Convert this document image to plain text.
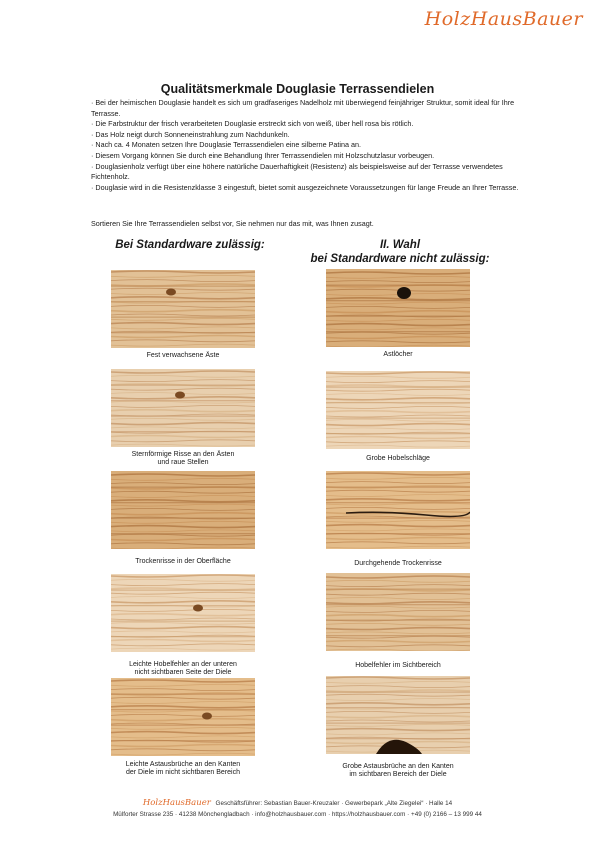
HolzHausBauer
Qualitätsmerkmale Douglasie Terrassendielen
· Bei der heimischen Douglasie handelt es sich um gradfaseriges Nadelholz mit überwiegend feinjähriger Struktur, somit ideal für Ihre Terrasse.
· Die Farbstruktur der frisch verarbeiteten Douglasie erstreckt sich von weiß, über hell rosa bis rötlich.
· Das Holz neigt durch Sonneneinstrahlung zum Nachdunkeln.
· Nach ca. 4 Monaten setzen Ihre Douglasie Terrassendielen eine silberne Patina an.
· Diesem Vorgang können Sie durch eine Behandlung Ihrer Terrassendielen mit Holzschutzlasur vorbeugen.
· Douglasienholz verfügt über eine höhere natürliche Dauerhaftigkeit (Resistenz) als beispielsweise auf der Terrasse verwendetes Fichtenholz.
· Douglasie wird in die Resistenzklasse 3 eingestuft, bietet somit ausgezeichnete Voraussetzungen für lange Freude an Ihrer Terrasse.
Sortieren Sie Ihre Terrassendielen selbst vor, Sie nehmen nur das mit, was Ihnen zusagt.
Bei Standardware zulässig:	II. Wahl
bei Standardware nicht zulässig:
Fest verwachsene Äste
Sternförmige Risse an den Ästen
und raue Stellen
Trockenrisse in der Oberfläche
Leichte Hobelfehler an der unteren
nicht sichtbaren Seite der Diele
Leichte Astausbrüche an den Kanten
der Diele im nicht sichtbaren Bereich
Astlöcher
Grobe Hobelschläge
Durchgehende Trockenrisse
Hobelfehler im Sichtbereich
Grobe Astausbrüche an den Kanten
im sichtbaren Bereich der Diele
HolzHausBauer Geschäftsführer: Sebastian Bauer-Kreuzaler · Gewerbepark „Alte Ziegelei“ · Halle 14
Mülforter Strasse 235 · 41238 Mönchengladbach · info@holzhausbauer.com · https://holzhausbauer.com · +49 (0) 2166 – 13 999 44
